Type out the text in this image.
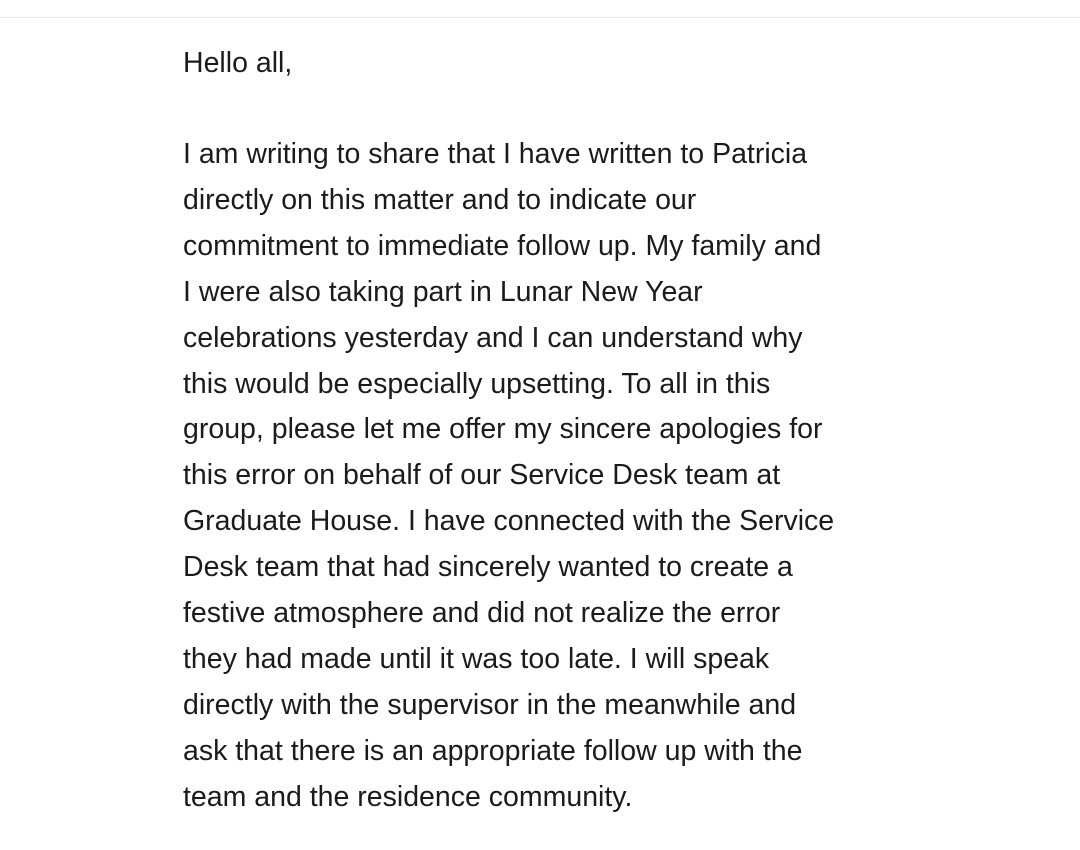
Hello all,

I am writing to share that I have written to Patricia
directly on this matter and to indicate our
commitment to immediate follow up. My family and
I were also taking part in Lunar New Year
celebrations yesterday and I can understand why
this would be especially upsetting. To all in this
group, please let me offer my sincere apologies for
this error on behalf of our Service Desk team at
Graduate House. I have connected with the Service
Desk team that had sincerely wanted to create a
festive atmosphere and did not realize the error
they had made until it was too late. I will speak
directly with the supervisor in the meanwhile and
ask that there is an appropriate follow up with the
team and the residence community.
